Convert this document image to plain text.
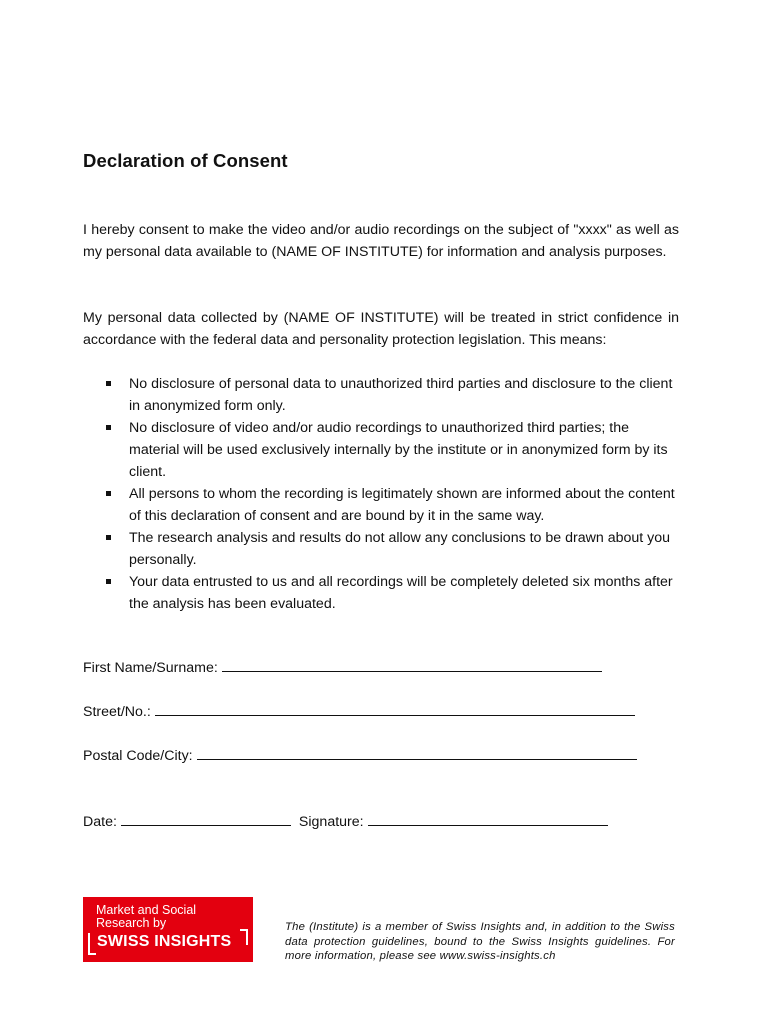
Declaration of Consent

I hereby consent to make the video and/or audio recordings on the subject of "xxxx" as well as my personal data available to (NAME OF INSTITUTE) for information and analysis purposes.

My personal data collected by (NAME OF INSTITUTE) will be treated in strict confidence in accordance with the federal data and personality protection legislation. This means:

No disclosure of personal data to unauthorized third parties and disclosure to the client in anonymized form only.
No disclosure of video and/or audio recordings to unauthorized third parties; the material will be used exclusively internally by the institute or in anonymized form by its client.
All persons to whom the recording is legitimately shown are informed about the content of this declaration of consent and are bound by it in the same way.
The research analysis and results do not allow any conclusions to be drawn about you personally.
Your data entrusted to us and all recordings will be completely deleted six months after the analysis has been evaluated.
First Name/Surname:
Street/No.:
Postal Code/City:
Date:	Signature:
Market and Social
Research by
SWISS INSIGHTS
The (Institute) is a member of Swiss Insights and, in addition to the Swiss data protection guidelines, bound to the Swiss Insights guidelines. For more information, please see www.swiss-insights.ch
